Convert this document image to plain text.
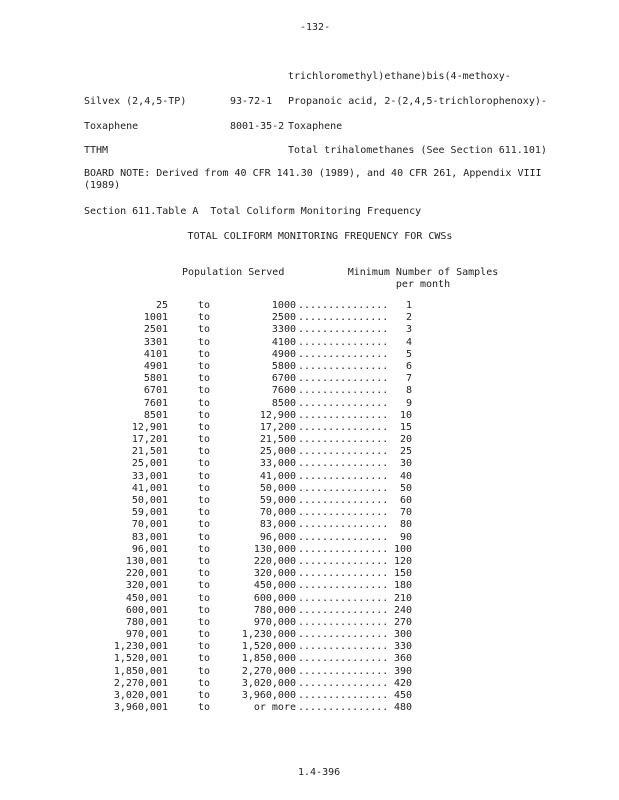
-132-
trichloromethyl)ethane)bis(4-methoxy-
Silvex (2,4,5-TP)	93-72-1 Propanoic acid, 2-(2,4,5-trichlorophenoxy)-
Toxaphene	8001-35-2 Toxaphene
TTHM	Total trihalomethanes (See Section 611.101)
BOARD NOTE: Derived from 40 CFR 141.30 (1989), and 40 CFR 261, Appendix VIII (1989)
Section 611.Table A  Total Coliform Monitoring Frequency
TOTAL COLIFORM MONITORING FREQUENCY FOR CWSs
Population Served	Minimum Number of Samples per month
25	to	1000 ............... 1
1001	to	2500 ............... 2
2501	to	3300 ............... 3
3301	to	4100 ............... 4
4101	to	4900 ............... 5
4901	to	5800 ............... 6
5801	to	6700 ............... 7
6701	to	7600 ............... 8
7601	to	8500 ............... 9
8501	to	12,900 ............... 10
12,901	to	17,200 ............... 15
17,201	to	21,500 ............... 20
21,501	to	25,000 ............... 25
25,001	to	33,000 ............... 30
33,001	to	41,000 ............... 40
41,001	to	50,000 ............... 50
50,001	to	59,000 ............... 60
59,001	to	70,000 ............... 70
70,001	to	83,000 ............... 80
83,001	to	96,000 ............... 90
96,001	to	130,000 ............... 100
130,001	to	220,000 ............... 120
220,001	to	320,000 ............... 150
320,001	to	450,000 ............... 180
450,001	to	600,000 ............... 210
600,001	to	780,000 ............... 240
780,001	to	970,000 ............... 270
970,001	to	1,230,000 ............... 300
1,230,001	to	1,520,000 ............... 330
1,520,001	to	1,850,000 ............... 360
1,850,001	to	2,270,000 ............... 390
2,270,001	to	3,020,000 ............... 420
3,020,001	to	3,960,000 ............... 450
3,960,001	to	or more ............... 480
1.4-396
